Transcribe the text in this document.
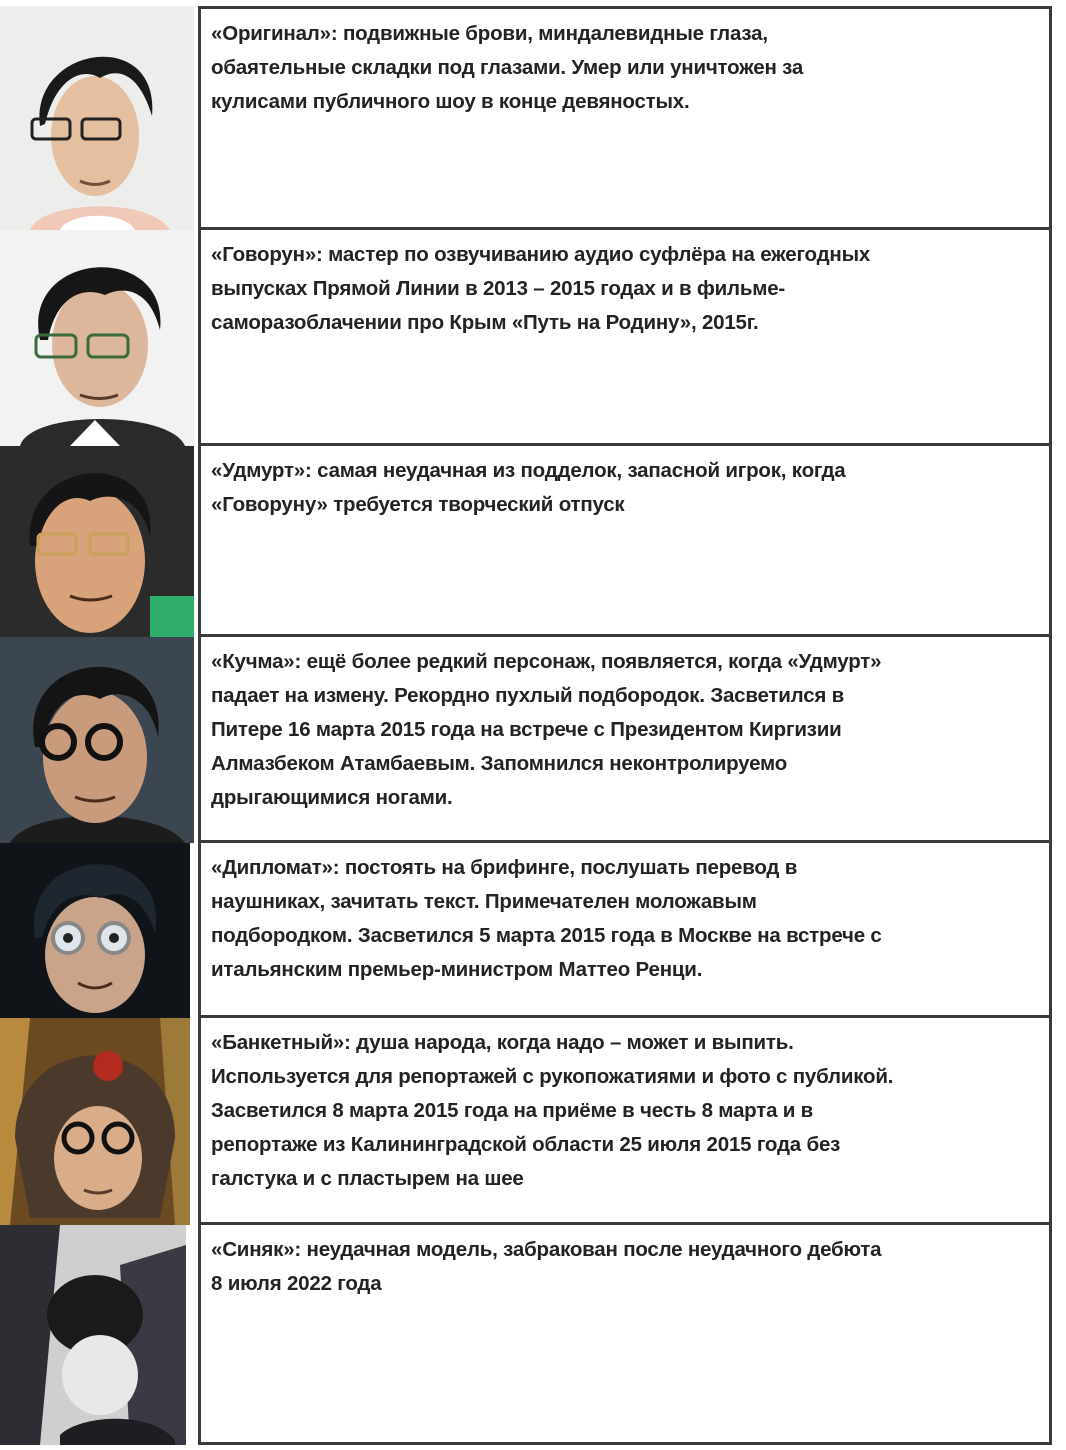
«Оригинал»: подвижные брови, миндалевидные глаза,
обаятельные складки под глазами. Умер или уничтожен за
кулисами публичного шоу в конце девяностых.

«Говорун»: мастер по озвучиванию аудио суфлёра на ежегодных
выпусках Прямой Линии в 2013 – 2015 годах и в фильме-
саморазоблачении про Крым «Путь на Родину», 2015г.

«Удмурт»: самая неудачная из подделок, запасной игрок, когда
«Говоруну» требуется творческий отпуск

«Кучма»: ещё более редкий персонаж, появляется, когда «Удмурт»
падает на измену. Рекордно пухлый подбородок. Засветился в
Питере 16 марта 2015 года на встрече с Президентом Киргизии
Алмазбеком Атамбаевым. Запомнился неконтролируемо
дрыгающимися ногами.

«Дипломат»: постоять на брифинге, послушать перевод в
наушниках, зачитать текст. Примечателен моложавым
подбородком. Засветился 5 марта 2015 года в Москве на встрече с
итальянским премьер-министром Маттео Ренци.

«Банкетный»: душа народа, когда надо – может и выпить.
Используется для репортажей с рукопожатиями и фото с публикой.
Засветился 8 марта 2015 года на приёме в честь 8 марта и в
репортаже из Калининградской области 25 июля 2015 года без
галстука и с пластырем на шее

«Синяк»: неудачная модель, забракован после неудачного дебюта
8 июля 2022 года
